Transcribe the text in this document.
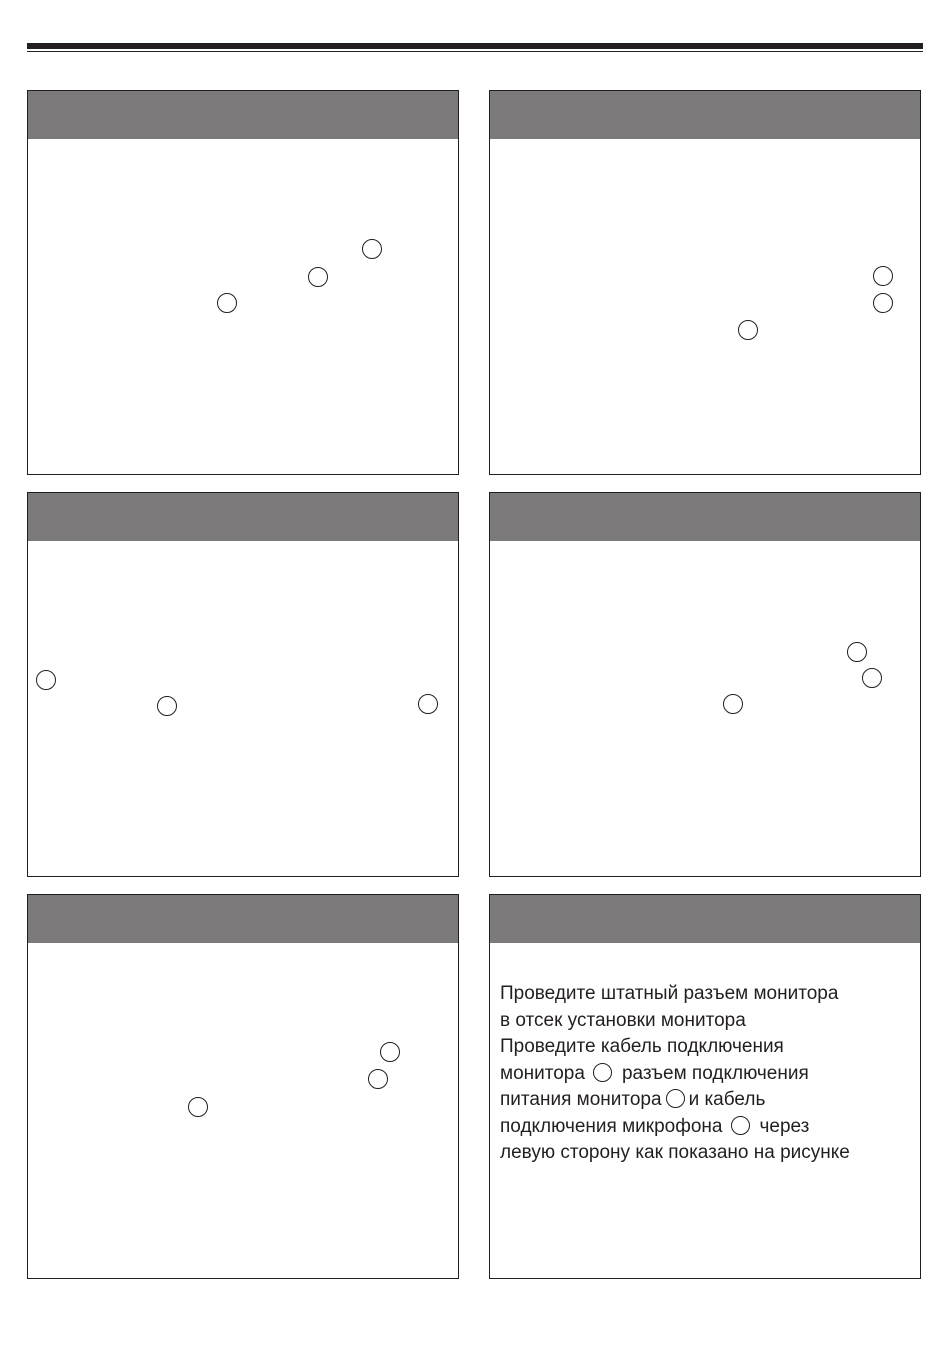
Проведите штатный разъем монитора
в отсек установки монитора
Проведите кабель подключения
монитора разъем подключения
питания монитора и кабель
подключения микрофона через
левую сторону как показано на рисунке
